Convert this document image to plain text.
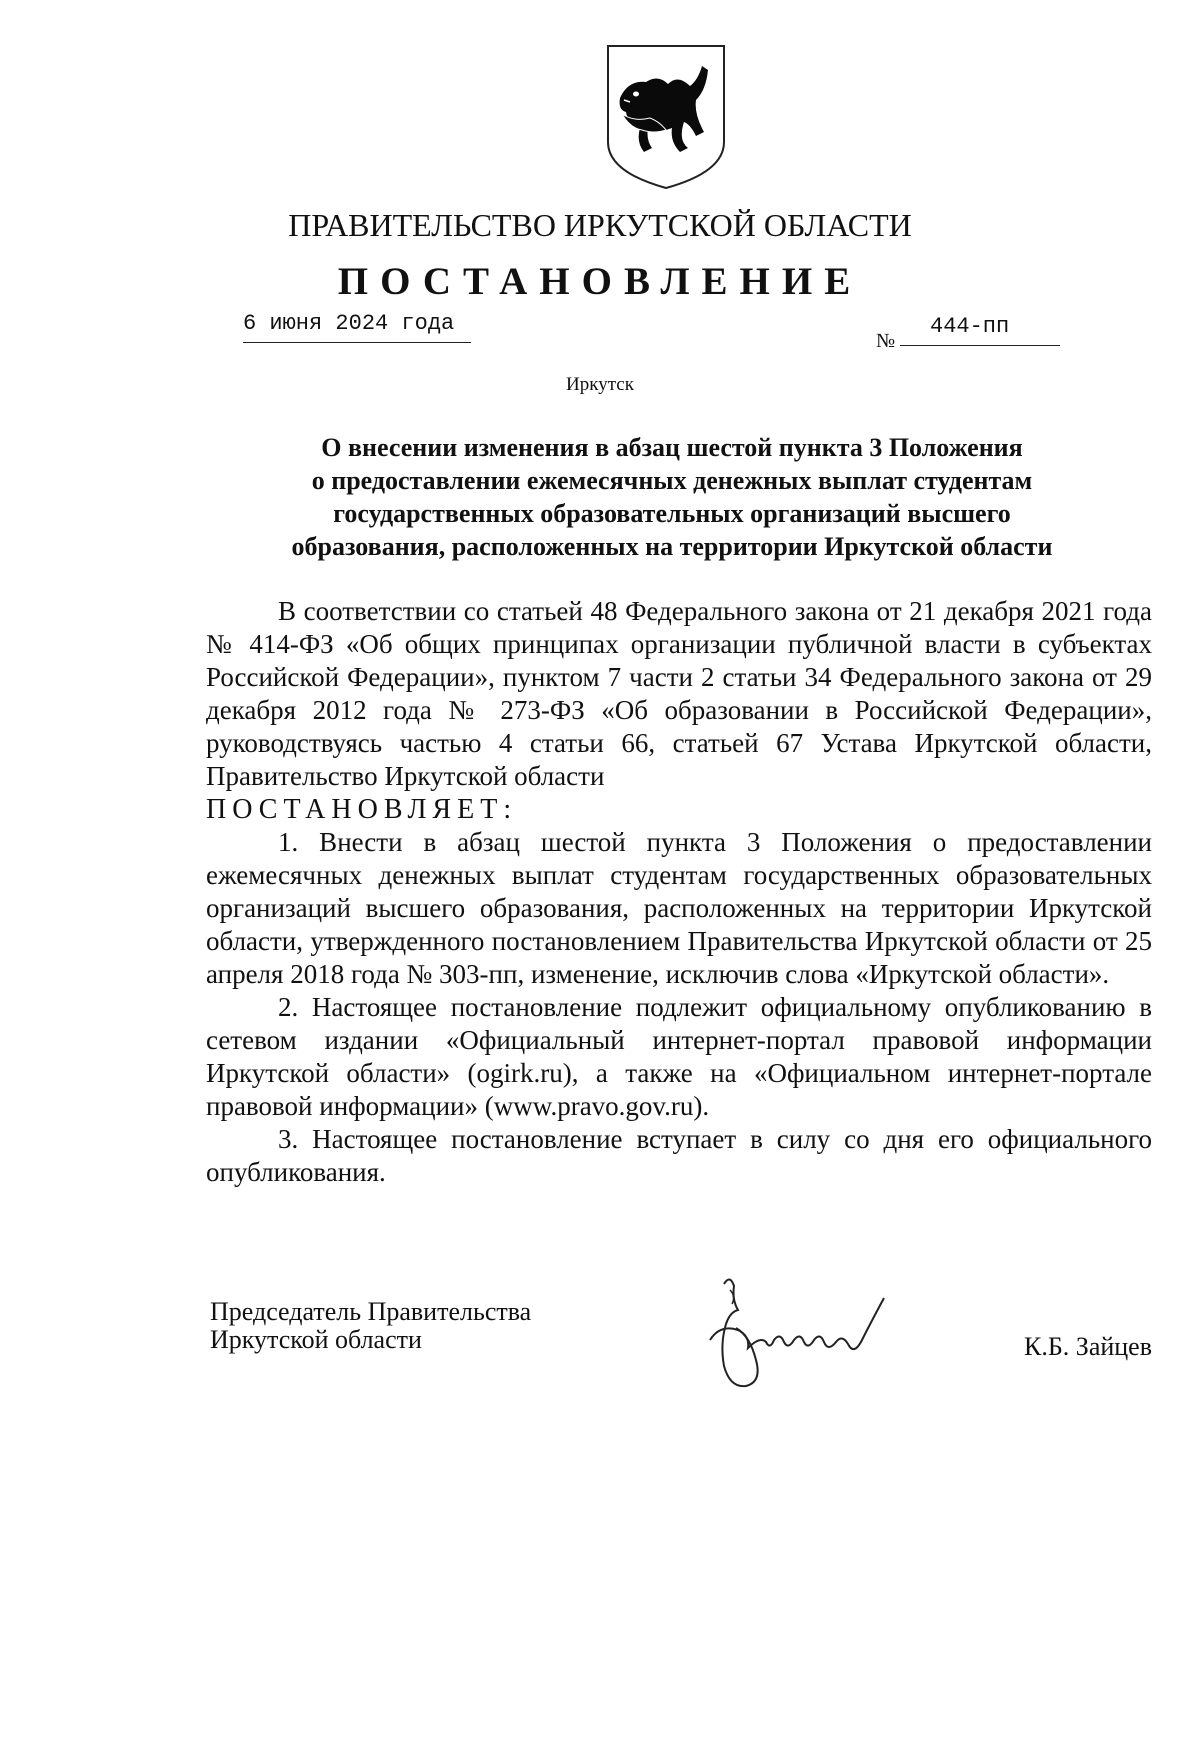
ПРАВИТЕЛЬСТВО ИРКУТСКОЙ ОБЛАСТИ
ПОСТАНОВЛЕНИЕ
6 июня 2024 года
№
444-пп
Иркутск
О внесении изменения в абзац шестой пункта 3 Положения
о предоставлении ежемесячных денежных выплат студентам
государственных образовательных организаций высшего
образования, расположенных на территории Иркутской области

В соответствии со статьей 48 Федерального закона от 21 декабря 2021 года № 414-ФЗ «Об общих принципах организации публичной власти в субъектах Российской Федерации», пунктом 7 части 2 статьи 34 Федерального закона от 29 декабря 2012 года № 273-ФЗ «Об образовании в Российской Федерации», руководствуясь частью 4 статьи 66, статьей 67 Устава Иркутской области, Правительство Иркутской области

ПОСТАНОВЛЯЕТ:

1. Внести в абзац шестой пункта 3 Положения о предоставлении ежемесячных денежных выплат студентам государственных образовательных организаций высшего образования, расположенных на территории Иркутской области, утвержденного постановлением Правительства Иркутской области от 25 апреля 2018 года № 303-пп, изменение, исключив слова «Иркутской области».

2. Настоящее постановление подлежит официальному опубликованию в сетевом издании «Официальный интернет-портал правовой информации Иркутской области» (ogirk.ru), а также на «Официальном интернет-портале правовой информации» (www.pravo.gov.ru).

3. Настоящее постановление вступает в силу со дня его официального опубликования.

Председатель Правительства
Иркутской области	К.Б. Зайцев
